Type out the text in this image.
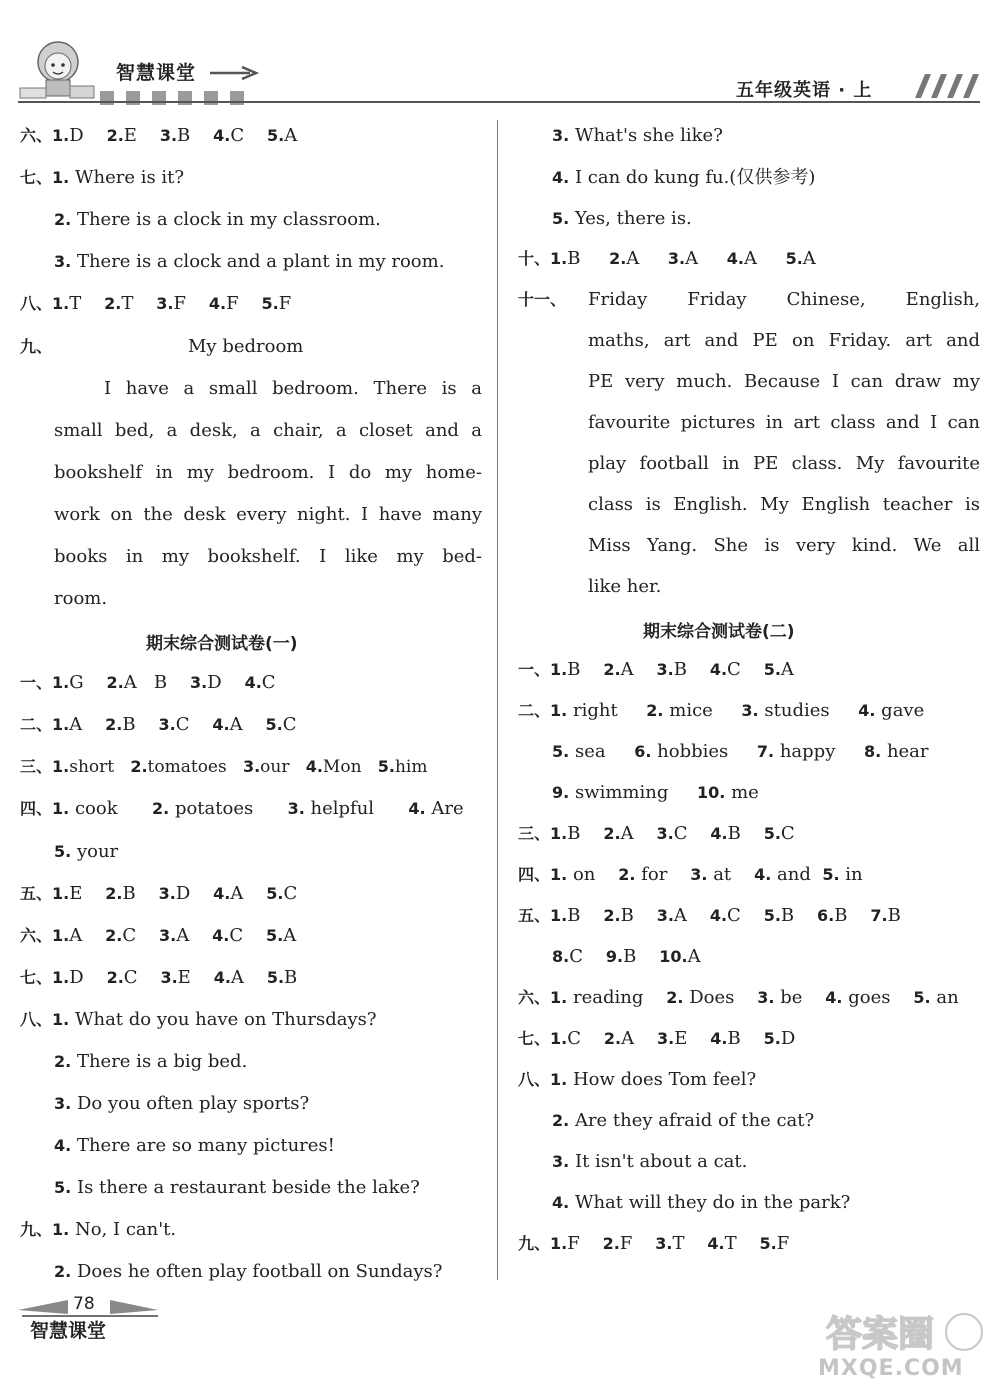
智慧课堂
五年级英语 · 上
六、1.D 2.E 3.B 4.C 5.A
七、1. Where is it?
2. There is a clock in my classroom.
3. There is a clock and a plant in my room.
八、1.T 2.T 3.F 4.F 5.F
九、	My bedroom
I have a small bedroom. There is a
small bed, a desk, a chair, a closet and a
bookshelf in my bedroom. I do my home-
work on the desk every night. I have many
books in my bookshelf. I like my bed-
room.
期末综合测试卷(一)
一、1.G 2.A B 3.D 4.C
二、1.A 2.B 3.C 4.A 5.C
三、1.short 2.tomatoes 3.our 4.Mon 5.him
四、1. cook 2. potatoes 3. helpful 4. Are
5. your
五、1.E 2.B 3.D 4.A 5.C
六、1.A 2.C 3.A 4.C 5.A
七、1.D 2.C 3.E 4.A 5.B
八、1. What do you have on Thursdays?
2. There is a big bed.
3. Do you often play sports?
4. There are so many pictures!
5. Is there a restaurant beside the lake?
九、1. No, I can't.
2. Does he often play football on Sundays?
3. What's she like?
4. I can do kung fu.(仅供参考)
5. Yes, there is.
十、1.B 2.A 3.A 4.A 5.A
十一、 Friday Friday Chinese, English,
maths, art and PE on Friday. art and
PE very much. Because I can draw my
favourite pictures in art class and I can
play football in PE class. My favourite
class is English. My English teacher is
Miss Yang. She is very kind. We all
like her.
期末综合测试卷(二)
一、1.B 2.A 3.B 4.C 5.A
二、1. right 2. mice 3. studies 4. gave
5. sea 6. hobbies 7. happy 8. hear
9. swimming 10. me
三、1.B 2.A 3.C 4.B 5.C
四、1. on 2. for 3. at 4. and 5. in
五、1.B 2.B 3.A 4.C 5.B 6.B 7.B
8.C 9.B 10.A
六、1. reading 2. Does 3. be 4. goes 5. an
七、1.C 2.A 3.E 4.B 5.D
八、1. How does Tom feel?
2. Are they afraid of the cat?
3. It isn't about a cat.
4. What will they do in the park?
九、1.F 2.F 3.T 4.T 5.F
78
智慧课堂	答案圈
MXQE.COM
